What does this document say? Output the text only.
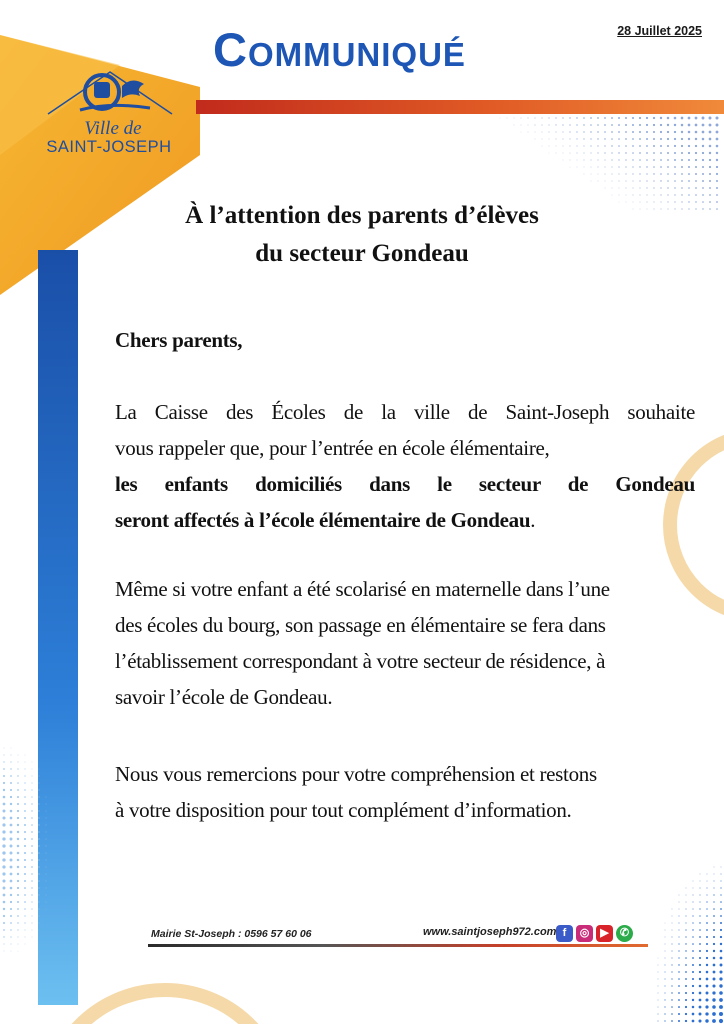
Ville de
SAINT-JOSEPH
28 Juillet 2025
Communiqué
À l’attention des parents d’élèves
du secteur Gondeau
Chers parents,
La Caisse des Écoles de la ville de Saint-Joseph souhaite
vous rappeler que, pour l’entrée en école élémentaire,
les enfants domiciliés dans le secteur de Gondeau
seront affectés à l’école élémentaire de Gondeau.
Même si votre enfant a été scolarisé en maternelle dans l’une
des écoles du bourg, son passage en élémentaire se fera dans
l’établissement correspondant à votre secteur de résidence, à
savoir l’école de Gondeau.
Nous vous remercions pour votre compréhension et restons
à votre disposition pour tout complément d’information.
Mairie St-Joseph : 0596 57 60 06	www.saintjoseph972.com f	◎ ▶	✆
